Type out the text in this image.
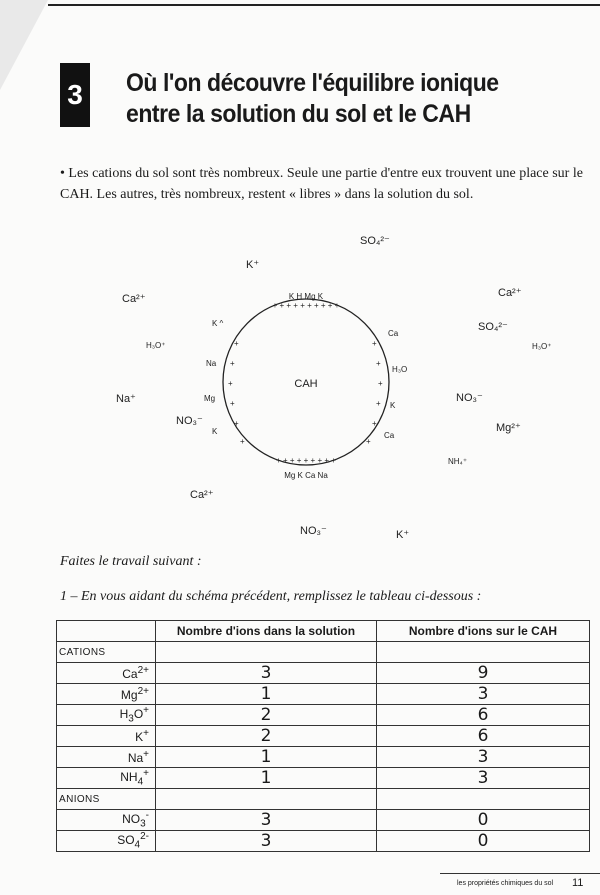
3 Où l'on découvre l'équilibre ionique entre la solution du sol et le CAH

• Les cations du sol sont très nombreux. Seule une partie d'entre eux trouvent une place sur le CAH. Les autres, très nombreux, restent « libres » dans la solution du sol.

CAH
K H Mg K
+ + + + + + + + + +
+ + + + + + + + +
Mg K Ca Na
+
+
+
+
+
+
+
+
+
+
+
+
K ^
Na
Mg
K
Ca
H₃O
K
Ca
SO₄²⁻
K⁺
Ca²⁺
H₃O⁺
Na⁺
NO₃⁻
Ca²⁺
SO₄²⁻
H₃O⁺
NO₃⁻
Mg²⁺
NH₄⁺
Ca²⁺
NO₃⁻	K⁺

Faites le travail suivant :

1 – En vous aidant du schéma précédent, remplissez le tableau ci-dessous :

	Nombre d'ions dans la solution	Nombre d'ions sur le CAH
CATIONS		
$Ca^{2+}$	3	9
$Mg^{2+}$	1	3
$H_3O^+$	2	6
K+	2	6
Na+	1	3
$NH_4^+$	1	3
ANIONS		
$NO_3^-$	3	0
$SO_4^{2-}$	3	0
les propriétés chimiques du sol 11
